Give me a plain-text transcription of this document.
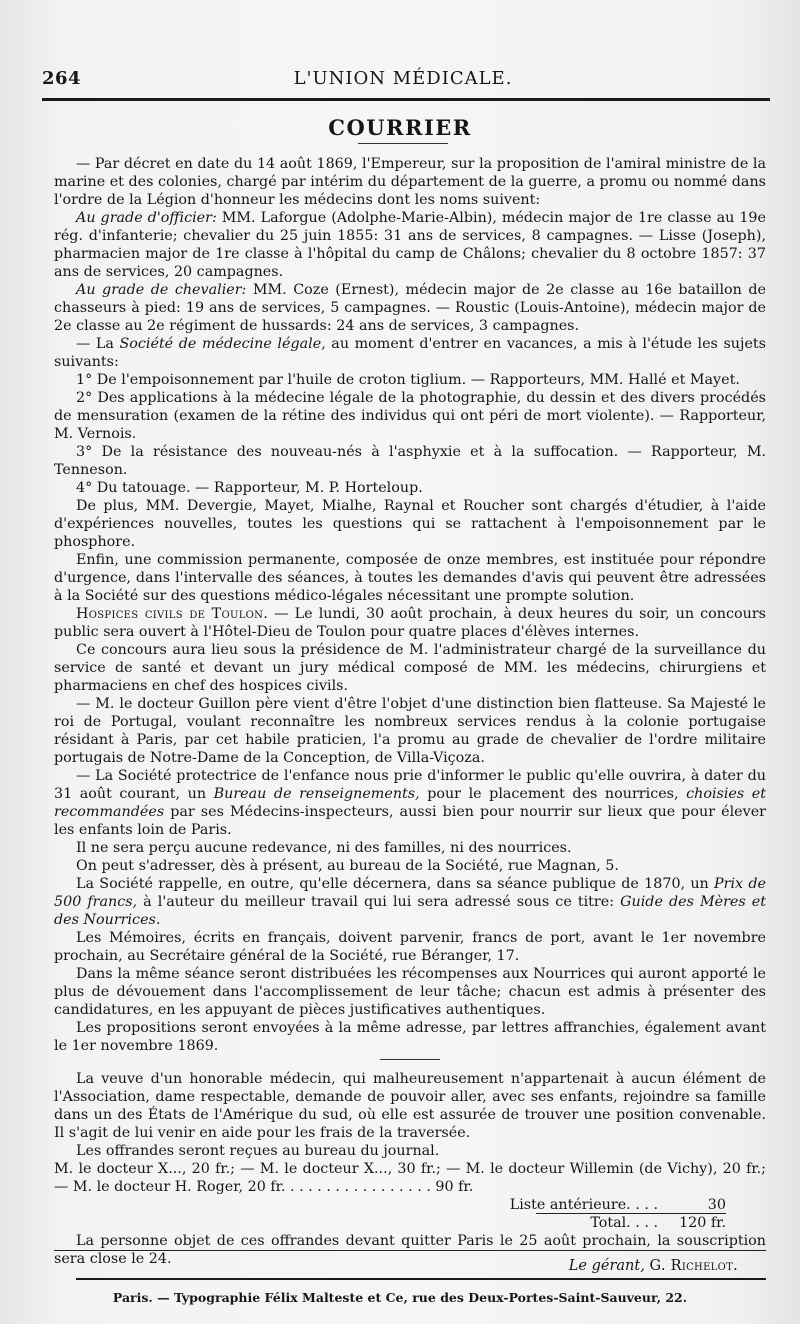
264	L'UNION MÉDICALE.
COURRIER

— Par décret en date du 14 août 1869, l'Empereur, sur la proposition de l'amiral ministre de la marine et des colonies, chargé par intérim du département de la guerre, a promu ou nommé dans l'ordre de la Légion d'honneur les médecins dont les noms suivent:

Au grade d'officier: MM. Laforgue (Adolphe-Marie-Albin), médecin major de 1re classe au 19e rég. d'infanterie; chevalier du 25 juin 1855: 31 ans de services, 8 campagnes. — Lisse (Joseph), pharmacien major de 1re classe à l'hôpital du camp de Châlons; chevalier du 8 octobre 1857: 37 ans de services, 20 campagnes.

Au grade de chevalier: MM. Coze (Ernest), médecin major de 2e classe au 16e bataillon de chasseurs à pied: 19 ans de services, 5 campagnes. — Roustic (Louis-Antoine), médecin major de 2e classe au 2e régiment de hussards: 24 ans de services, 3 campagnes.

— La Société de médecine légale, au moment d'entrer en vacances, a mis à l'étude les sujets suivants:

1° De l'empoisonnement par l'huile de croton tiglium. — Rapporteurs, MM. Hallé et Mayet.

2° Des applications à la médecine légale de la photographie, du dessin et des divers procédés de mensuration (examen de la rétine des individus qui ont péri de mort violente). — Rapporteur, M. Vernois.

3° De la résistance des nouveau-nés à l'asphyxie et à la suffocation. — Rapporteur, M. Tenneson.

4° Du tatouage. — Rapporteur, M. P. Horteloup.

De plus, MM. Devergie, Mayet, Mialhe, Raynal et Roucher sont chargés d'étudier, à l'aide d'expériences nouvelles, toutes les questions qui se rattachent à l'empoisonnement par le phosphore.

Enfin, une commission permanente, composée de onze membres, est instituée pour répondre d'urgence, dans l'intervalle des séances, à toutes les demandes d'avis qui peuvent être adressées à la Société sur des questions médico-légales nécessitant une prompte solution.

Hospices civils de Toulon. — Le lundi, 30 août prochain, à deux heures du soir, un concours public sera ouvert à l'Hôtel-Dieu de Toulon pour quatre places d'élèves internes.

Ce concours aura lieu sous la présidence de M. l'administrateur chargé de la surveillance du service de santé et devant un jury médical composé de MM. les médecins, chirurgiens et pharmaciens en chef des hospices civils.

— M. le docteur Guillon père vient d'être l'objet d'une distinction bien flatteuse. Sa Majesté le roi de Portugal, voulant reconnaître les nombreux services rendus à la colonie portugaise résidant à Paris, par cet habile praticien, l'a promu au grade de chevalier de l'ordre militaire portugais de Notre-Dame de la Conception, de Villa-Viçoza.

— La Société protectrice de l'enfance nous prie d'informer le public qu'elle ouvrira, à dater du 31 août courant, un Bureau de renseignements, pour le placement des nourrices, choisies et recommandées par ses Médecins-inspecteurs, aussi bien pour nourrir sur lieux que pour élever les enfants loin de Paris.

Il ne sera perçu aucune redevance, ni des familles, ni des nourrices.

On peut s'adresser, dès à présent, au bureau de la Société, rue Magnan, 5.

La Société rappelle, en outre, qu'elle décernera, dans sa séance publique de 1870, un Prix de 500 francs, à l'auteur du meilleur travail qui lui sera adressé sous ce titre: Guide des Mères et des Nourrices.

Les Mémoires, écrits en français, doivent parvenir, francs de port, avant le 1er novembre prochain, au Secrétaire général de la Société, rue Béranger, 17.

Dans la même séance seront distribuées les récompenses aux Nourrices qui auront apporté le plus de dévouement dans l'accomplissement de leur tâche; chacun est admis à présenter des candidatures, en les appuyant de pièces justificatives authentiques.

Les propositions seront envoyées à la même adresse, par lettres affranchies, également avant le 1er novembre 1869.

La veuve d'un honorable médecin, qui malheureusement n'appartenait à aucun élément de l'Association, dame respectable, demande de pouvoir aller, avec ses enfants, rejoindre sa famille dans un des États de l'Amérique du sud, où elle est assurée de trouver une position convenable. Il s'agit de lui venir en aide pour les frais de la traversée.

Les offrandes seront reçues au bureau du journal.

M. le docteur X..., 20 fr.; — M. le docteur X..., 30 fr.; — M. le docteur Willemin (de Vichy), 20 fr.; — M. le docteur H. Roger, 20 fr. . . . . . . . . . . . . . . . . 90 fr.

Liste antérieure. . . .	30
Total. . . . 120 fr.

La personne objet de ces offrandes devant quitter Paris le 25 août prochain, la souscription sera close le 24.	Le gérant, G. Richelot.
Paris. — Typographie Félix Malteste et Ce, rue des Deux-Portes-Saint-Sauveur, 22.
